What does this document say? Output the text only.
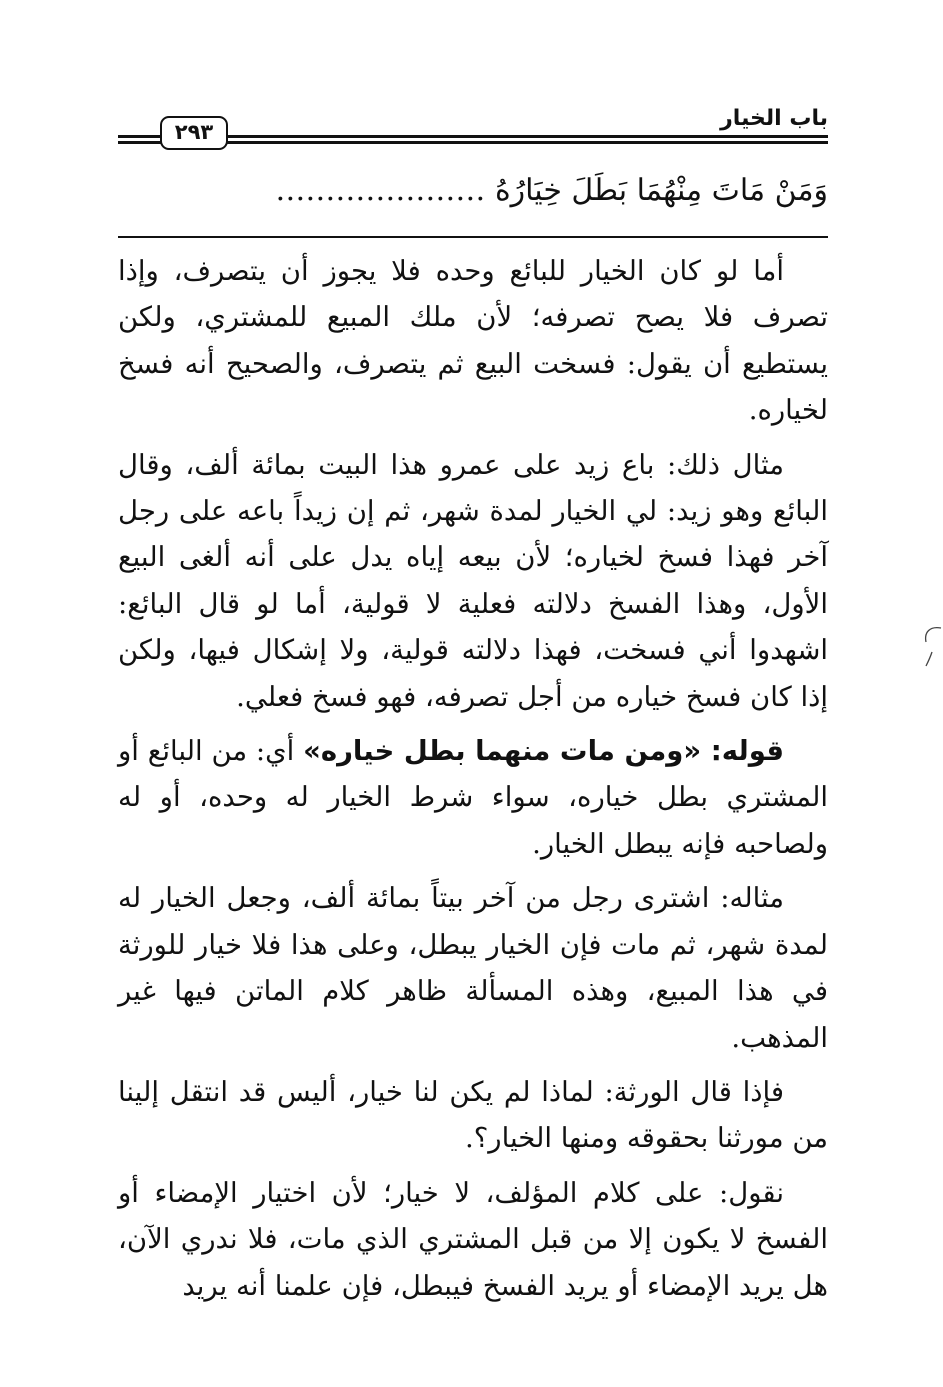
باب الخيار
٢٩٣
وَمَنْ مَاتَ مِنْهُمَا بَطَلَ خِيَارُهُ …………………

أما لو كان الخيار للبائع وحده فلا يجوز أن يتصرف، وإذا تصرف فلا يصح تصرفه؛ لأن ملك المبيع للمشتري، ولكن يستطيع أن يقول: فسخت البيع ثم يتصرف، والصحيح أنه فسخ لخياره.

مثال ذلك: باع زيد على عمرو هذا البيت بمائة ألف، وقال البائع وهو زيد: لي الخيار لمدة شهر، ثم إن زيداً باعه على رجل آخر فهذا فسخ لخياره؛ لأن بيعه إياه يدل على أنه ألغى البيع الأول، وهذا الفسخ دلالته فعلية لا قولية، أما لو قال البائع: اشهدوا أني فسخت، فهذا دلالته قولية، ولا إشكال فيها، ولكن إذا كان فسخ خياره من أجل تصرفه، فهو فسخ فعلي.

قوله: «ومن مات منهما بطل خياره» أي: من البائع أو المشتري بطل خياره، سواء شرط الخيار له وحده، أو له ولصاحبه فإنه يبطل الخيار.

مثاله: اشترى رجل من آخر بيتاً بمائة ألف، وجعل الخيار له لمدة شهر، ثم مات فإن الخيار يبطل، وعلى هذا فلا خيار للورثة في هذا المبيع، وهذه المسألة ظاهر كلام الماتن فيها غير المذهب.

فإذا قال الورثة: لماذا لم يكن لنا خيار، أليس قد انتقل إلينا من مورثنا بحقوقه ومنها الخيار؟.

نقول: على كلام المؤلف، لا خيار؛ لأن اختيار الإمضاء أو الفسخ لا يكون إلا من قبل المشتري الذي مات، فلا ندري الآن، هل يريد الإمضاء أو يريد الفسخ فيبطل، فإن علمنا أنه يريد
